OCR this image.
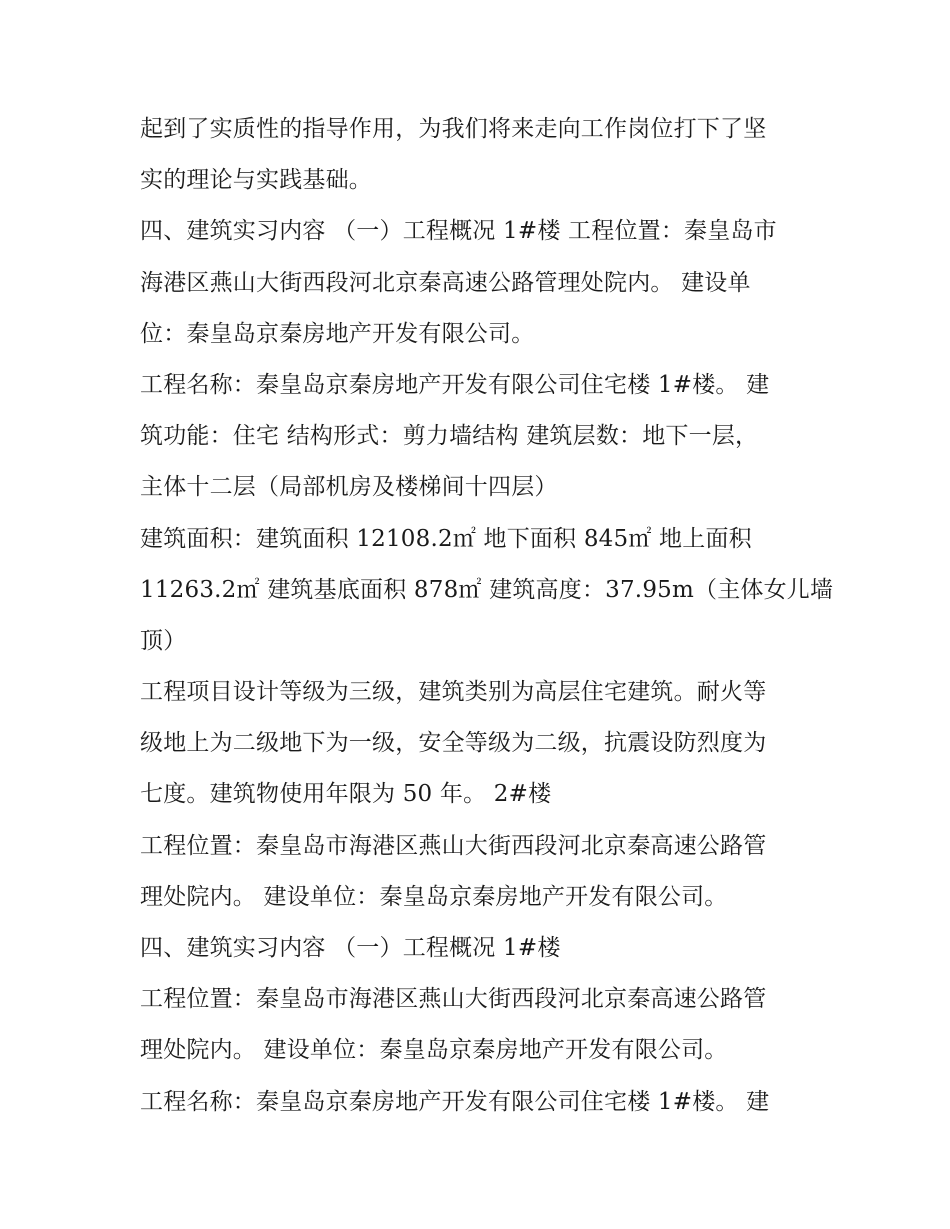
起到了实质性的指导作用，为我们将来走向工作岗位打下了坚
实的理论与实践基础。
四、建筑实习内容 （一）工程概况 1#楼 工程位置：秦皇岛市
海港区燕山大街西段河北京秦高速公路管理处院内。 建设单
位：秦皇岛京秦房地产开发有限公司。
工程名称：秦皇岛京秦房地产开发有限公司住宅楼 1#楼。 建
筑功能：住宅 结构形式：剪力墙结构 建筑层数：地下一层，
主体十二层（局部机房及楼梯间十四层）
建筑面积：建筑面积 12108.2㎡ 地下面积 845㎡ 地上面积
11263.2㎡ 建筑基底面积 878㎡ 建筑高度：37.95m（主体女儿墙
顶）
工程项目设计等级为三级，建筑类别为高层住宅建筑。耐火等
级地上为二级地下为一级，安全等级为二级，抗震设防烈度为
七度。建筑物使用年限为 50 年。 2#楼
工程位置：秦皇岛市海港区燕山大街西段河北京秦高速公路管
理处院内。 建设单位：秦皇岛京秦房地产开发有限公司。
四、建筑实习内容 （一）工程概况 1#楼
工程位置：秦皇岛市海港区燕山大街西段河北京秦高速公路管
理处院内。 建设单位：秦皇岛京秦房地产开发有限公司。
工程名称：秦皇岛京秦房地产开发有限公司住宅楼 1#楼。 建
